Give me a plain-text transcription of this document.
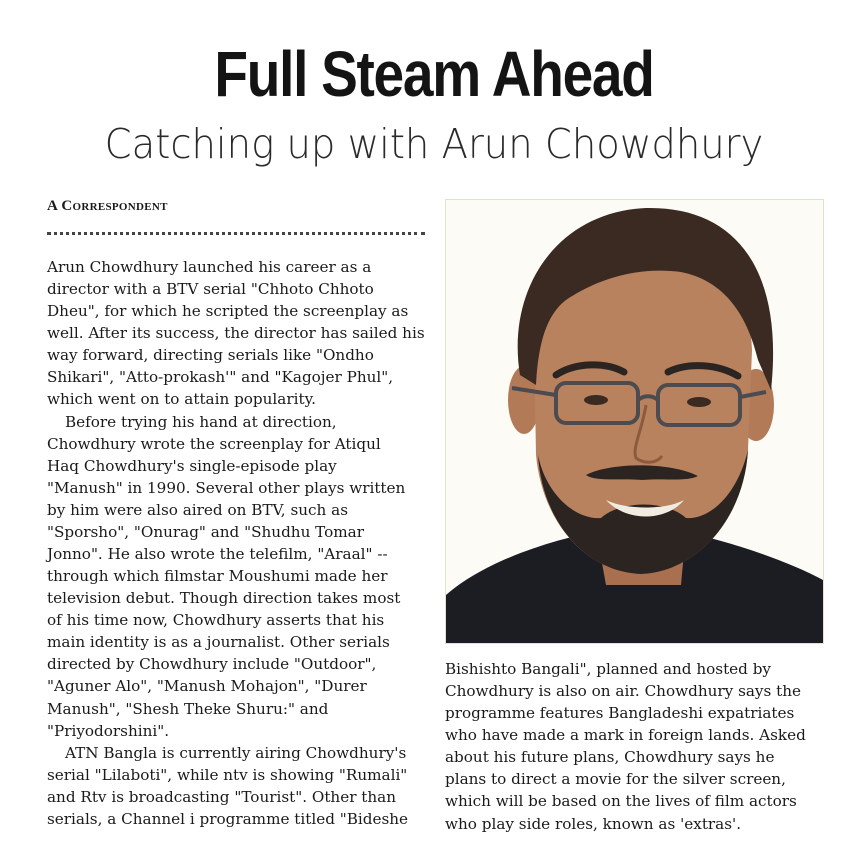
Full Steam Ahead
Catching up with Arun Chowdhury
A Correspondent
Arun Chowdhury launched his career as a
director with a BTV serial "Chhoto Chhoto
Dheu", for which he scripted the screenplay as
well. After its success, the director has sailed his
way forward, directing serials like "Ondho
Shikari", "Atto-prokash'" and "Kagojer Phul",
which went on to attain popularity.
Before trying his hand at direction,
Chowdhury wrote the screenplay for Atiqul
Haq Chowdhury's single-episode play
"Manush" in 1990. Several other plays written
by him were also aired on BTV, such as
"Sporsho", "Onurag" and "Shudhu Tomar
Jonno". He also wrote the telefilm, "Araal" --
through which filmstar Moushumi made her
television debut. Though direction takes most
of his time now, Chowdhury asserts that his
main identity is as a journalist. Other serials
directed by Chowdhury include "Outdoor",
"Aguner Alo", "Manush Mohajon", "Durer
Manush", "Shesh Theke Shuru:" and
"Priyodorshini".
ATN Bangla is currently airing Chowdhury's
serial "Lilaboti", while ntv is showing "Rumali"
and Rtv is broadcasting "Tourist". Other than
serials, a Channel i programme titled "Bideshe
Bishishto Bangali", planned and hosted by
Chowdhury is also on air. Chowdhury says the
programme features Bangladeshi expatriates
who have made a mark in foreign lands. Asked
about his future plans, Chowdhury says he
plans to direct a movie for the silver screen,
which will be based on the lives of film actors
who play side roles, known as 'extras'.
